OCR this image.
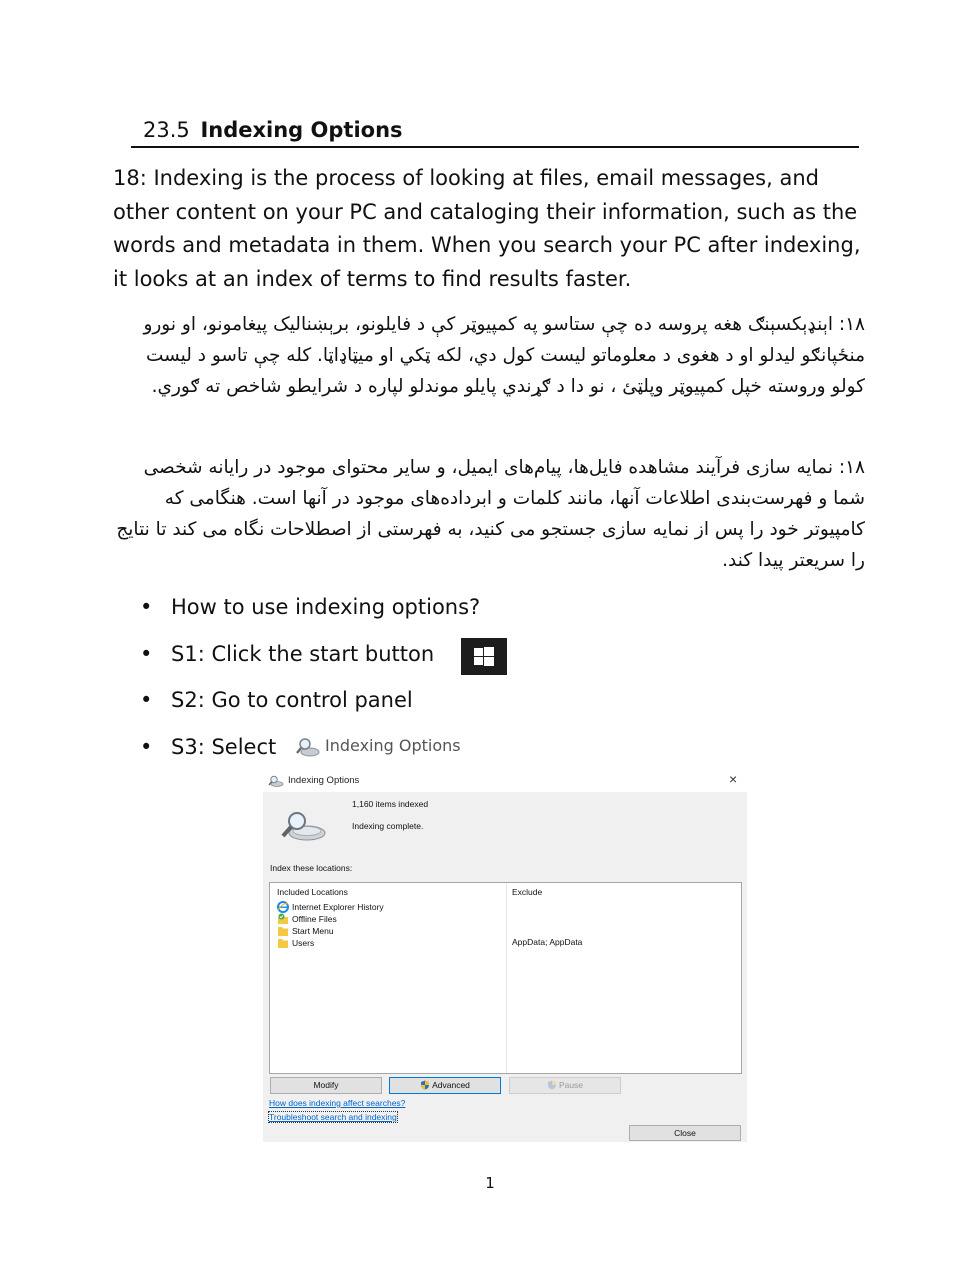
23.5 Indexing Options

18: Indexing is the process of looking at files, email messages, and other content on your PC and cataloging their information, such as the words and metadata in them. When you search your PC after indexing, it looks at an index of terms to find results faster.

۱۸: اېنډېکسېنګ هغه پروسه ده چې ستاسو په کمپيوټر کې د فايلونو، برېښناليک پيغامونو، او نورو منځپانګو ليدلو او د هغوی د معلوماتو لیست کول دي، لکه ټکي او ميټاډاټا. کله چې تاسو د لیست کولو وروسته خپل کمپيوټر وپلټئ ، نو دا د ګړندي پايلو موندلو لپاره د شرايطو شاخص ته ګوري.

۱۸: نمایه سازی فرآیند مشاهده فایل‌ها، پیام‌های ایمیل، و سایر محتوای موجود در رایانه شخصی شما و فهرست‌بندی اطلاعات آنها، مانند کلمات و ابرداده‌های موجود در آنها است. هنگامی که کامپیوتر خود را پس از نمایه سازی جستجو می کنید، به فهرستی از اصطلاحات نگاه می کند تا نتایج را سریعتر پیدا کند.

• How to use indexing options?
• S1: Click the start button
• S2: Go to control panel
• S3: Select	Indexing Options
Indexing Options	×
1,160 items indexed
Indexing complete.
Index these locations:
Included Locations	Exclude
Internet Explorer History
Offline Files
Start Menu
Users	AppData; AppData
Modify	Advanced	Pause
How does indexing affect searches?
Troubleshoot search and indexing
Close
1
